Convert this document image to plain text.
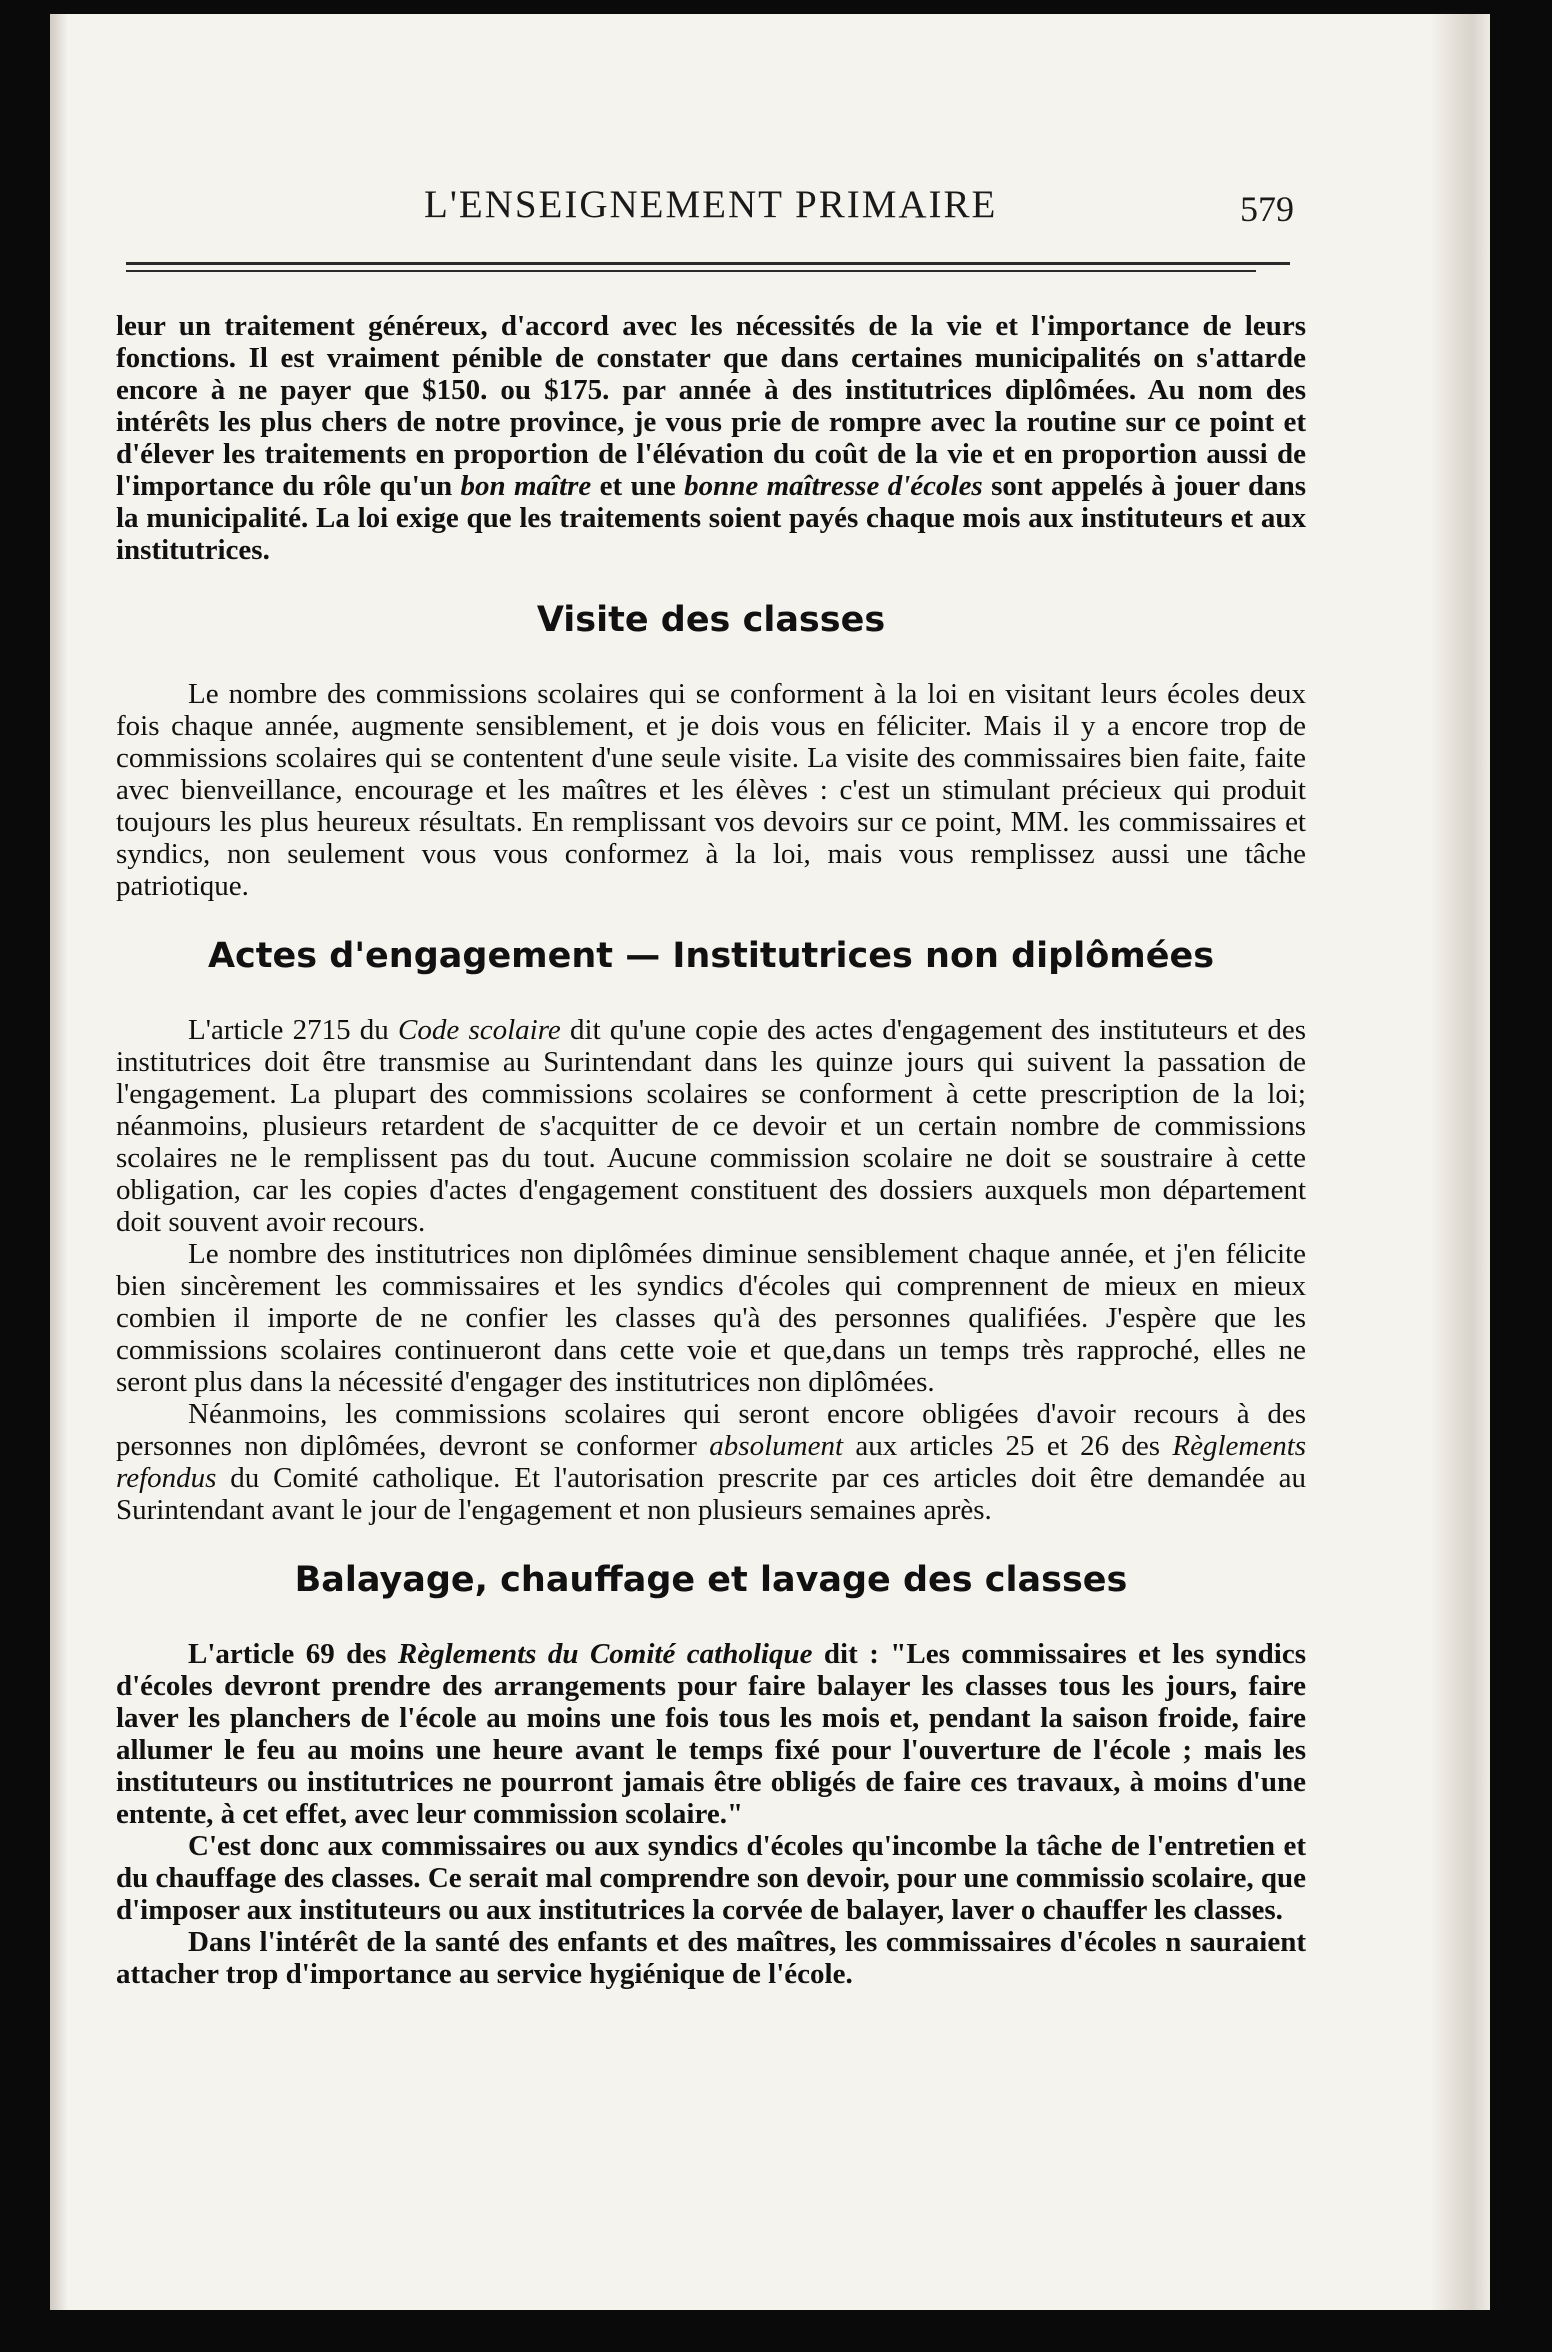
L'ENSEIGNEMENT PRIMAIRE	579

leur un traitement généreux, d'accord avec les nécessités de la vie et l'importance de leurs fonctions. Il est vraiment pénible de constater que dans certaines municipalités on s'attarde encore à ne payer que $150. ou $175. par année à des institutrices diplômées. Au nom des intérêts les plus chers de notre province, je vous prie de rompre avec la routine sur ce point et d'élever les traitements en proportion de l'élévation du coût de la vie et en proportion aussi de l'importance du rôle qu'un bon maître et une bonne maîtresse d'écoles sont appelés à jouer dans la municipalité. La loi exige que les traitements soient payés chaque mois aux instituteurs et aux institutrices.

Visite des classes

Le nombre des commissions scolaires qui se conforment à la loi en visitant leurs écoles deux fois chaque année, augmente sensiblement, et je dois vous en féliciter. Mais il y a encore trop de commissions scolaires qui se contentent d'une seule visite. La visite des commissaires bien faite, faite avec bienveillance, encourage et les maîtres et les élèves : c'est un stimulant précieux qui produit toujours les plus heureux résultats. En remplissant vos devoirs sur ce point, MM. les commissaires et syndics, non seulement vous vous conformez à la loi, mais vous remplissez aussi une tâche patriotique.

Actes d'engagement — Institutrices non diplômées

L'article 2715 du Code scolaire dit qu'une copie des actes d'engagement des instituteurs et des institutrices doit être transmise au Surintendant dans les quinze jours qui suivent la passation de l'engagement. La plupart des commissions scolaires se conforment à cette prescription de la loi; néanmoins, plusieurs retardent de s'acquitter de ce devoir et un certain nombre de commissions scolaires ne le remplissent pas du tout. Aucune commission scolaire ne doit se soustraire à cette obligation, car les copies d'actes d'engagement constituent des dossiers auxquels mon département doit souvent avoir recours.

Le nombre des institutrices non diplômées diminue sensiblement chaque année, et j'en félicite bien sincèrement les commissaires et les syndics d'écoles qui comprennent de mieux en mieux combien il importe de ne confier les classes qu'à des personnes qualifiées. J'espère que les commissions scolaires continueront dans cette voie et que,dans un temps très rapproché, elles ne seront plus dans la nécessité d'engager des institutrices non diplômées.

Néanmoins, les commissions scolaires qui seront encore obligées d'avoir recours à des personnes non diplômées, devront se conformer absolument aux articles 25 et 26 des Règlements refondus du Comité catholique. Et l'autorisation prescrite par ces articles doit être demandée au Surintendant avant le jour de l'engagement et non plusieurs semaines après.

Balayage, chauffage et lavage des classes

L'article 69 des Règlements du Comité catholique dit : "Les commissaires et les syndics d'écoles devront prendre des arrangements pour faire balayer les classes tous les jours, faire laver les planchers de l'école au moins une fois tous les mois et, pendant la saison froide, faire allumer le feu au moins une heure avant le temps fixé pour l'ouverture de l'école ; mais les instituteurs ou institutrices ne pourront jamais être obligés de faire ces travaux, à moins d'une entente, à cet effet, avec leur commission scolaire."

C'est donc aux commissaires ou aux syndics d'écoles qu'incombe la tâche de l'entretien et du chauffage des classes. Ce serait mal comprendre son devoir, pour une commissio scolaire, que d'imposer aux instituteurs ou aux institutrices la corvée de balayer, laver o chauffer les classes.

Dans l'intérêt de la santé des enfants et des maîtres, les commissaires d'écoles n sauraient attacher trop d'importance au service hygiénique de l'école.
